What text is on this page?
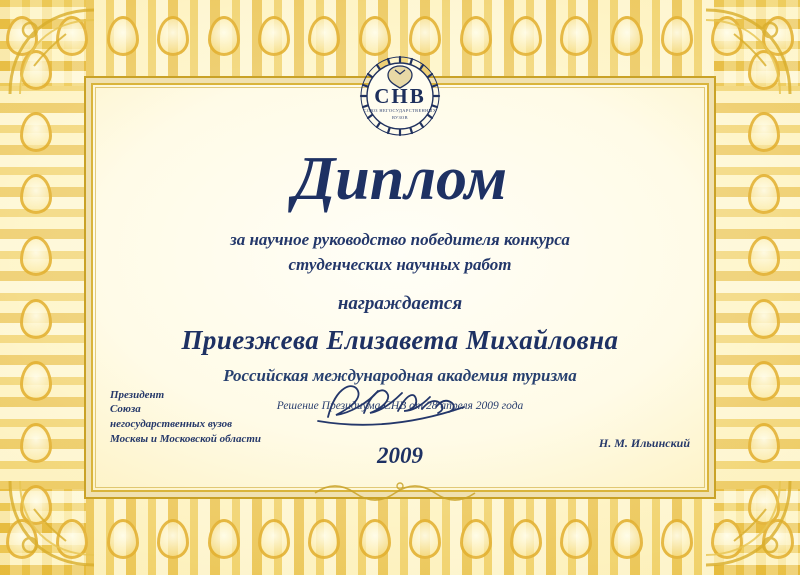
СНВ
СОЮЗ НЕГОСУДАРСТВЕННЫХ ВУЗОВ
Диплом
за научное руководство победителя конкурса
студенческих научных работ
награждается
Приезжева Елизавета Михайловна
Российская международная академия туризма
Решение Президиума СНВ от 28 апреля 2009 года
Президент
Союза
негосударственных вузов
Москвы и Московской области	Н. М. Ильинский
2009
